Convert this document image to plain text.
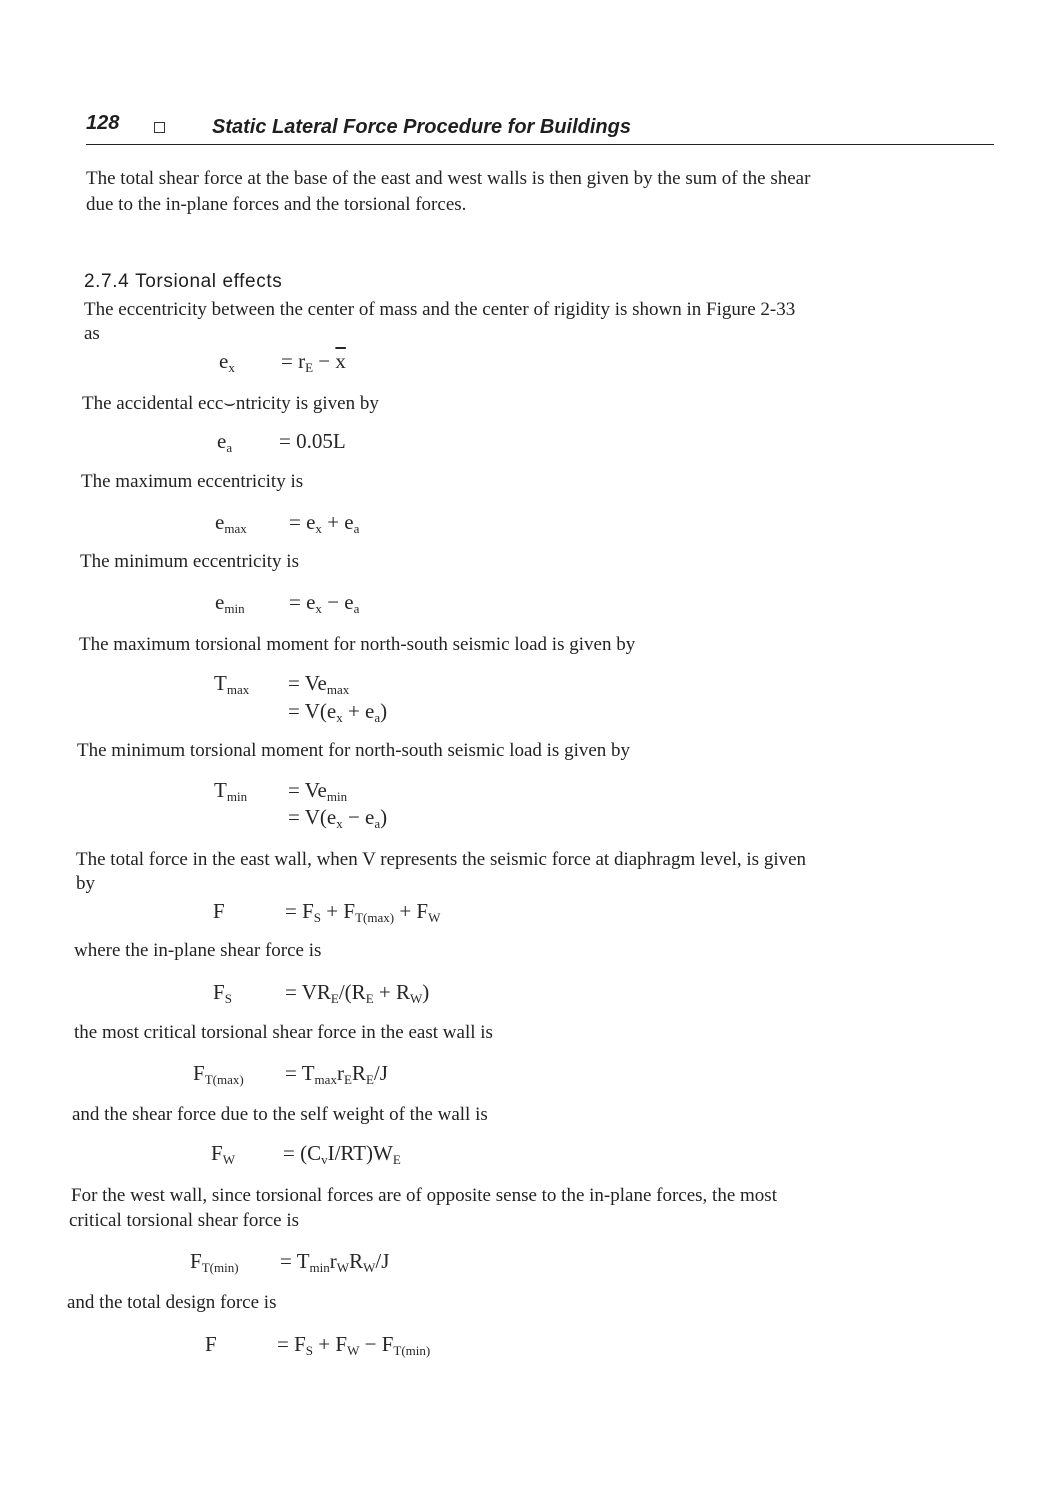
128	Static Lateral Force Procedure for Buildings

The total shear force at the base of the east and west walls is then given by the sum of the shear

due to the in-plane forces and the torsional forces.

2.7.4 Torsional effects

The eccentricity between the center of mass and the center of rigidity is shown in Figure 2-33

as

$e_x = r_E - \overline{x}$

The accidental ecc⌣ntricity is given by

$e_a = 0.05L$

The maximum eccentricity is

$e_{max} = e_x + e_a$

The minimum eccentricity is

$e_{min} = e_x - e_a$

The maximum torsional moment for north-south seismic load is given by

$T_{max} = Ve_{max}$
= $V(e_x + e_a)$

The minimum torsional moment for north-south seismic load is given by

$T_{min} = Ve_{min}$
= $V(e_x - e_a)$

The total force in the east wall, when V represents the seismic force at diaphragm level, is given

by

F	= $F_S + F_{T(max)} + F_W$

where the in-plane shear force is

$F_S$	= $VR_E/(R_E + R_W)$

the most critical torsional shear force in the east wall is

$F_{T(max)} = T_{max}r_ER_E/J$

and the shear force due to the self weight of the wall is

$F_W = (C_vI/RT)W_E$

For the west wall, since torsional forces are of opposite sense to the in-plane forces, the most

critical torsional shear force is

$F_{T(min)} = T_{min}r_WR_W/J$

and the total design force is

F	= $F_S + F_W - F_{T(min)}$
